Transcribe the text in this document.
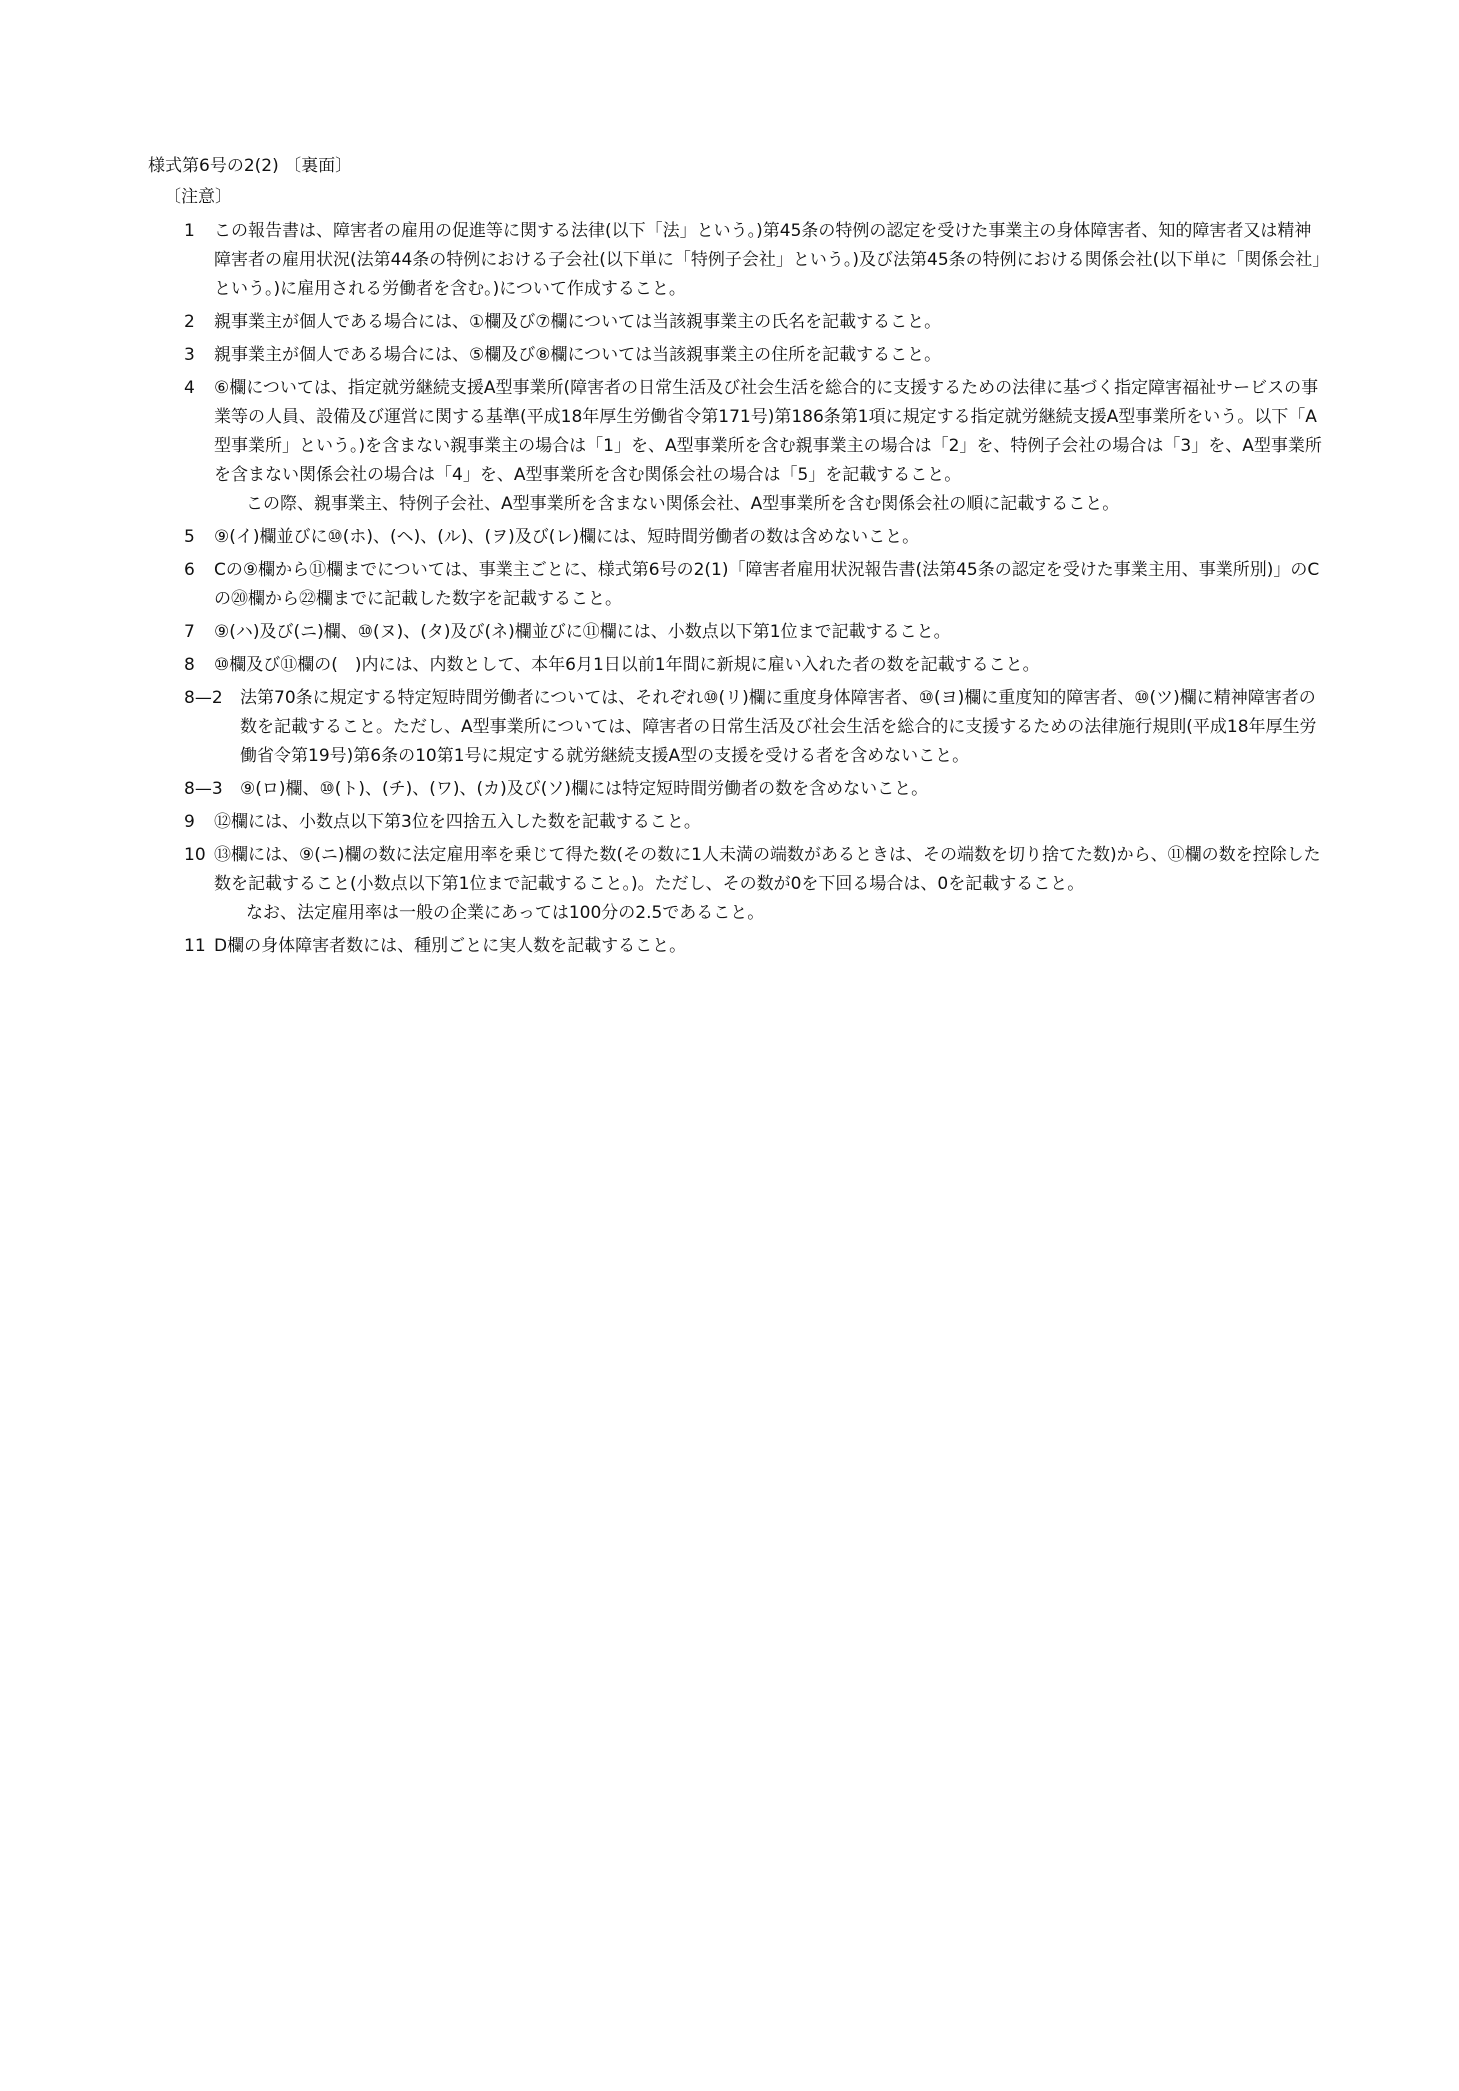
様式第6号の2(2) 〔裏面〕
〔注意〕
1 この報告書は、障害者の雇用の促進等に関する法律(以下「法」という。)第45条の特例の認定を受けた事業主の身体障害者、知的障害者又は精神障害者の雇用状況(法第44条の特例における子会社(以下単に「特例子会社」という。)及び法第45条の特例における関係会社(以下単に「関係会社」という。)に雇用される労働者を含む。)について作成すること。
2 親事業主が個人である場合には、①欄及び⑦欄については当該親事業主の氏名を記載すること。
3 親事業主が個人である場合には、⑤欄及び⑧欄については当該親事業主の住所を記載すること。
4 ⑥欄については、指定就労継続支援A型事業所(障害者の日常生活及び社会生活を総合的に支援するための法律に基づく指定障害福祉サービスの事業等の人員、設備及び運営に関する基準(平成18年厚生労働省令第171号)第186条第1項に規定する指定就労継続支援A型事業所をいう。以下「A型事業所」という。)を含まない親事業主の場合は「1」を、A型事業所を含む親事業主の場合は「2」を、特例子会社の場合は「3」を、A型事業所を含まない関係会社の場合は「4」を、A型事業所を含む関係会社の場合は「5」を記載すること。
この際、親事業主、特例子会社、A型事業所を含まない関係会社、A型事業所を含む関係会社の順に記載すること。
5 ⑨(イ)欄並びに⑩(ホ)、(ヘ)、(ル)、(ヲ)及び(レ)欄には、短時間労働者の数は含めないこと。
6 Cの⑨欄から⑪欄までについては、事業主ごとに、様式第6号の2(1)「障害者雇用状況報告書(法第45条の認定を受けた事業主用、事業所別)」のCの⑳欄から㉒欄までに記載した数字を記載すること。
7 ⑨(ハ)及び(ニ)欄、⑩(ヌ)、(タ)及び(ネ)欄並びに⑪欄には、小数点以下第1位まで記載すること。
8 ⑩欄及び⑪欄の(　)内には、内数として、本年6月1日以前1年間に新規に雇い入れた者の数を記載すること。
8—2 法第70条に規定する特定短時間労働者については、それぞれ⑩(リ)欄に重度身体障害者、⑩(ヨ)欄に重度知的障害者、⑩(ツ)欄に精神障害者の数を記載すること。ただし、A型事業所については、障害者の日常生活及び社会生活を総合的に支援するための法律施行規則(平成18年厚生労働省令第19号)第6条の10第1号に規定する就労継続支援A型の支援を受ける者を含めないこと。
8—3 ⑨(ロ)欄、⑩(ト)、(チ)、(ワ)、(カ)及び(ソ)欄には特定短時間労働者の数を含めないこと。
9 ⑫欄には、小数点以下第3位を四捨五入した数を記載すること。
10 ⑬欄には、⑨(ニ)欄の数に法定雇用率を乗じて得た数(その数に1人未満の端数があるときは、その端数を切り捨てた数)から、⑪欄の数を控除した数を記載すること(小数点以下第1位まで記載すること。)。ただし、その数が0を下回る場合は、0を記載すること。
なお、法定雇用率は一般の企業にあっては100分の2.5であること。
11 D欄の身体障害者数には、種別ごとに実人数を記載すること。
